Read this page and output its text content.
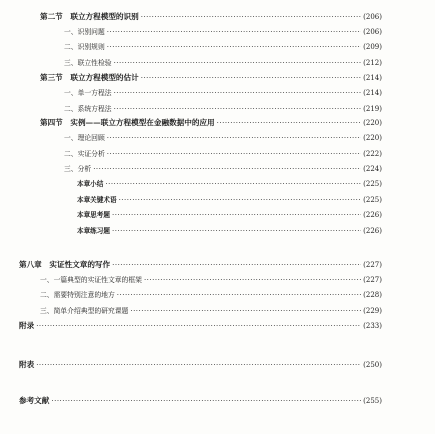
第二节　联立方程模型的识别 ·····	(206)
一、识别问题 ·····	(206)
二、识别规则 ·····	(209)
三、联立性检验 ·····	(212)
第三节　联立方程模型的估计 ·····	(214)
一、单一方程法 ·····	(214)
二、系统方程法 ·····	(219)
第四节　实例——联立方程模型在金融数据中的应用 ·····	(220)
一、理论回顾 ·····	(220)
二、实证分析 ·····	(222)
三、分析 ·····	(224)
本章小结 ·····	(225)
本章关键术语 ·····	(225)
本章思考题 ·····	(226)
本章练习题 ·····	(226)
第八章　实证性文章的写作 ·····	(227)
一、一篇典型的实证性文章的框架 ·····	(227)
二、需要特别注意的地方 ·····	(228)
三、简单介绍典型的研究课题 ·····	(229)
附录 ·····	(233)
附表 ·····	(250)
参考文献 ·····	(255)
